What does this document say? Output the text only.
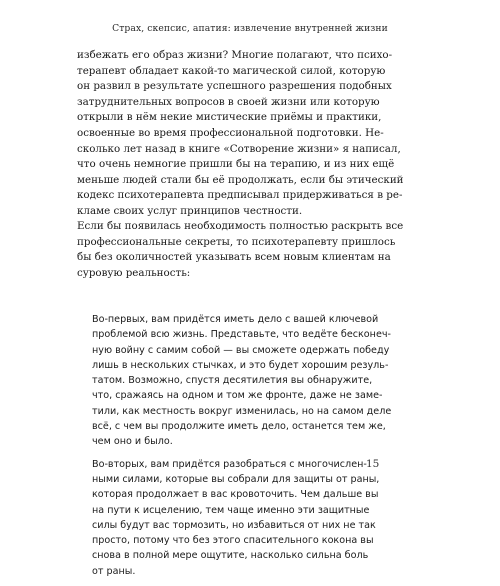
Страх, скепсис, апатия: извлечение внутренней жизни

избежать его образ жизни? Многие полагают, что психо-
терапевт обладает какой-то магической силой, которую
он развил в результате успешного разрешения подобных
затруднительных вопросов в своей жизни или которую
открыли в нём некие мистические приёмы и практики,
освоенные во время профессиональной подготовки. Не-
сколько лет назад в книге «Сотворение жизни» я написал,
что очень немногие пришли бы на терапию, и из них ещё
меньше людей стали бы её продолжать, если бы этический
кодекс психотерапевта предписывал придерживаться в ре-
кламе своих услуг принципов честности.

Если бы появилась необходимость полностью раскрыть все
профессиональные секреты, то психотерапевту пришлось
бы без околичностей указывать всем новым клиентам на
суровую реальность:

Во-первых, вам придётся иметь дело с вашей ключевой
проблемой всю жизнь. Представьте, что ведёте бесконеч-
ную войну с самим собой — вы сможете одержать победу
лишь в нескольких стычках, и это будет хорошим резуль-
татом. Возможно, спустя десятилетия вы обнаружите,
что, сражаясь на одном и том же фронте, даже не заме-
тили, как местность вокруг изменилась, но на самом деле
всё, с чем вы продолжите иметь дело, останется тем же,
чем оно и было.

Во-вторых, вам придётся разобраться с многочислен-
ными силами, которые вы собрали для защиты от раны,
которая продолжает в вас кровоточить. Чем дальше вы
на пути к исцелению, тем чаще именно эти защитные
силы будут вас тормозить, но избавиться от них не так
просто, потому что без этого спасительного кокона вы
снова в полной мере ощутите, насколько сильна боль
от раны.

15
